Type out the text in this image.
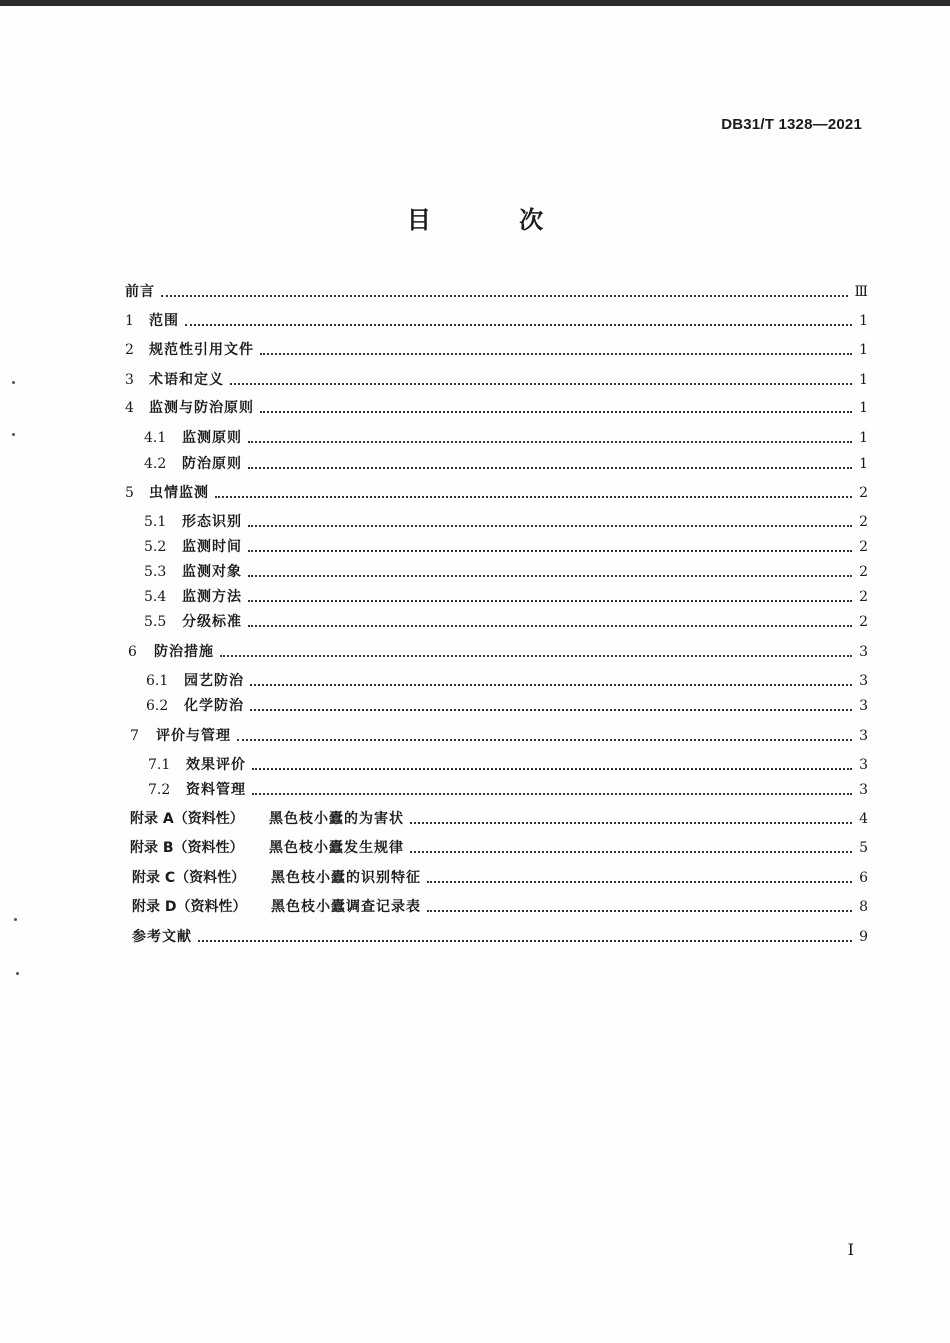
DB31/T 1328—2021
目 次
前言	Ⅲ
1	范围	1
2	规范性引用文件	1
3	术语和定义	1
4	监测与防治原则	1
4.1	监测原则	1
4.2	防治原则	1
5	虫情监测	2
5.1	形态识别	2
5.2	监测时间	2
5.3	监测对象	2
5.4	监测方法	2
5.5	分级标准	2
6	防治措施	3
6.1	园艺防治	3
6.2	化学防治	3
7	评价与管理	3
7.1	效果评价	3
7.2	资料管理	3
附录 A（资料性）	黑色枝小蠹的为害状	4
附录 B（资料性）	黑色枝小蠹发生规律	5
附录 C（资料性）	黑色枝小蠹的识别特征	6
附录 D（资料性）	黑色枝小蠹调查记录表	8
参考文献	9
I
